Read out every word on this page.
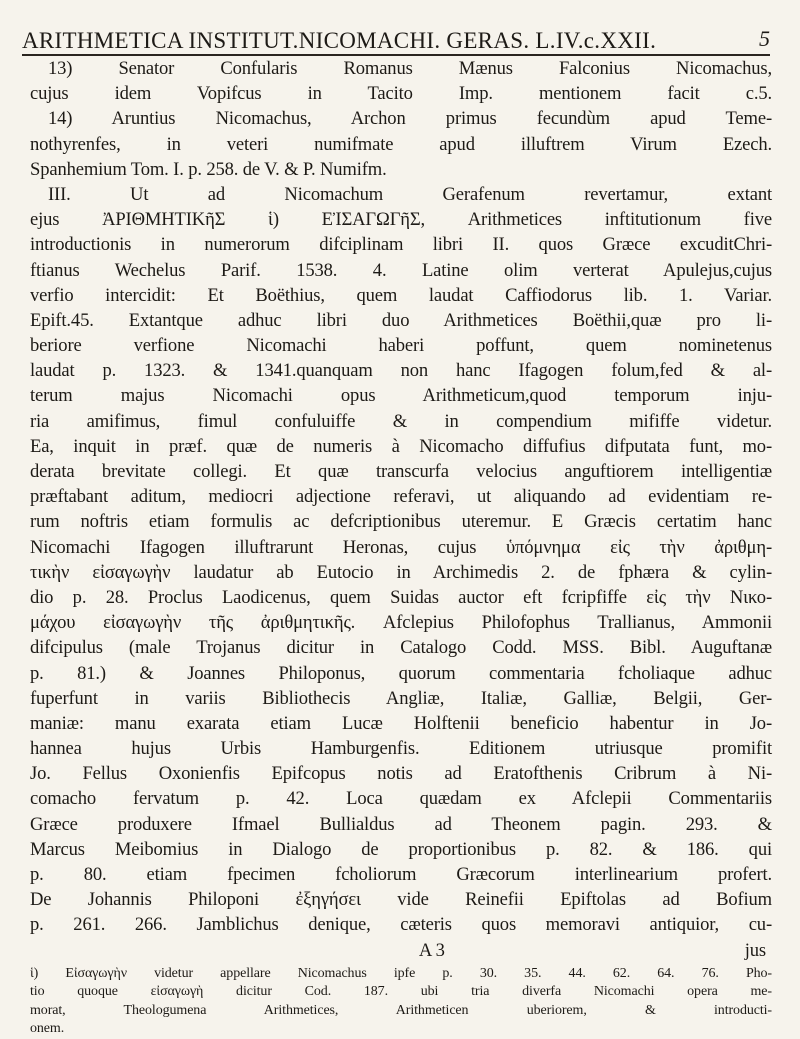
ARITHMETICA INSTITUT.NICOMACHI. GERAS. L.IV.c.XXII.	5
13) Senator Confularis Romanus Mænus Falconius Nicomachus,
cujus idem Vopifcus in Tacito Imp. mentionem facit c.5.
14) Aruntius Nicomachus, Archon primus fecundùm apud Teme-
nothyrenfes, in veteri numifmate apud illuftrem Virum Ezech.
Spanhemium Tom. I. p. 258. de V. & P. Numifm.
III. Ut ad Nicomachum Gerafenum revertamur, extant
ejus ἈΡΙΘΜΗΤΙΚῆΣ ἱ) ΕἸΣΑΓΩΓῆΣ, Arithmetices inftitutionum five
introductionis in numerorum difciplinam libri II. quos Græce excuditChri-
ftianus Wechelus Parif. 1538. 4. Latine olim verterat Apulejus,cujus
verfio intercidit: Et Boëthius, quem laudat Caffiodorus lib. 1. Variar.
Epift.45. Extantque adhuc libri duo Arithmetices Boëthii,quæ pro li-
beriore verfione Nicomachi haberi poffunt, quem nominetenus
laudat p. 1323. & 1341.quanquam non hanc Ifagogen folum,fed & al-
terum majus Nicomachi opus Arithmeticum,quod temporum inju-
ria amifimus, fimul confuluiffe & in compendium mififfe videtur.
Ea, inquit in præf. quæ de numeris à Nicomacho diffufius difputata funt, mo-
derata brevitate collegi. Et quæ transcurfa velocius anguftiorem intelligentiæ
præftabant aditum, mediocri adjectione referavi, ut aliquando ad evidentiam re-
rum noftris etiam formulis ac defcriptionibus uteremur. E Græcis certatim hanc
Nicomachi Ifagogen illuftrarunt Heronas, cujus ὑπόμνημα εἰς τὴν ἀριθμη-
τικὴν εἰσαγωγὴν laudatur ab Eutocio in Archimedis 2. de fphæra & cylin-
dio p. 28. Proclus Laodicenus, quem Suidas auctor eft fcripfiffe εἰς τὴν Νικο-
μάχου εἰσαγωγὴν τῆς ἀριθμητικῆς. Afclepius Philofophus Trallianus, Ammonii
difcipulus (male Trojanus dicitur in Catalogo Codd. MSS. Bibl. Auguftanæ
p. 81.) & Joannes Philoponus, quorum commentaria fcholiaque adhuc
fuperfunt in variis Bibliothecis Angliæ, Italiæ, Galliæ, Belgii, Ger-
maniæ: manu exarata etiam Lucæ Holftenii beneficio habentur in Jo-
hannea hujus Urbis Hamburgenfis. Editionem utriusque promifit
Jo. Fellus Oxonienfis Epifcopus notis ad Eratofthenis Cribrum à Ni-
comacho fervatum p. 42. Loca quædam ex Afclepii Commentariis
Græce produxere Ifmael Bullialdus ad Theonem pagin. 293. &
Marcus Meibomius in Dialogo de proportionibus p. 82. & 186. qui
p. 80. etiam fpecimen fcholiorum Græcorum interlinearium profert.
De Johannis Philoponi ἐξηγήσει vide Reinefii Epiftolas ad Bofium
p. 261. 266. Jamblichus denique, cæteris quos memoravi antiquior, cu-
A 3	jus
ἱ) Εἰσαγωγὴν videtur appellare Nicomachus ipfe p. 30. 35. 44. 62. 64. 76. Pho-
tio quoque εἰσαγωγὴ dicitur Cod. 187. ubi tria diverfa Nicomachi opera me-
morat, Theologumena Arithmetices, Arithmeticen uberiorem, & introducti-
onem.
